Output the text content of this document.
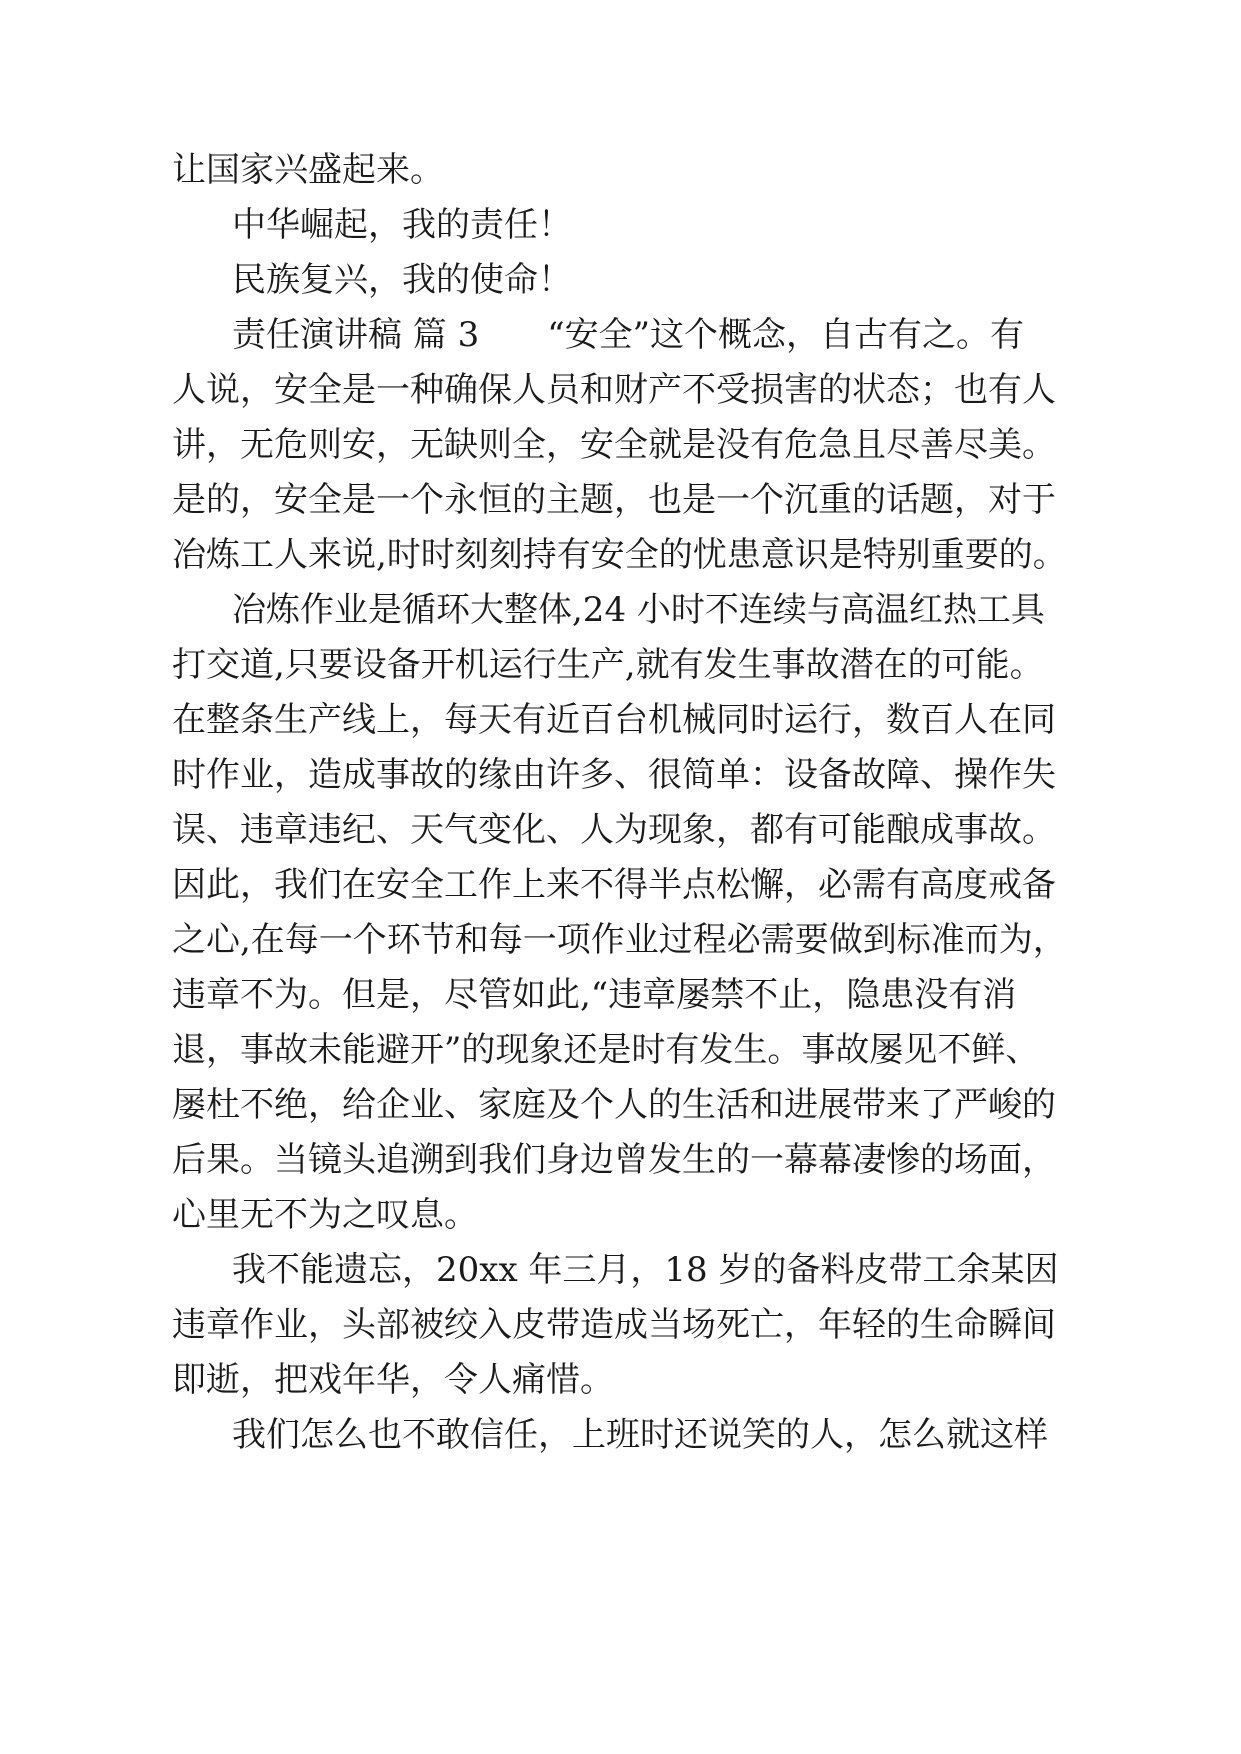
让国家兴盛起来。
中华崛起，我的责任！
民族复兴，我的使命！
责任演讲稿 篇 3　　“安全”这个概念，自古有之。有
人说，安全是一种确保人员和财产不受损害的状态；也有人
讲，无危则安，无缺则全，安全就是没有危急且尽善尽美。
是的，安全是一个永恒的主题，也是一个沉重的话题，对于
冶炼工人来说,时时刻刻持有安全的忧患意识是特别重要的。
冶炼作业是循环大整体,24 小时不连续与高温红热工具
打交道,只要设备开机运行生产,就有发生事故潜在的可能。
在整条生产线上，每天有近百台机械同时运行，数百人在同
时作业，造成事故的缘由许多、很简单：设备故障、操作失
误、违章违纪、天气变化、人为现象，都有可能酿成事故。
因此，我们在安全工作上来不得半点松懈，必需有高度戒备
之心,在每一个环节和每一项作业过程必需要做到标准而为，
违章不为。但是，尽管如此,“违章屡禁不止，隐患没有消
退，事故未能避开”的现象还是时有发生。事故屡见不鲜、
屡杜不绝，给企业、家庭及个人的生活和进展带来了严峻的
后果。当镜头追溯到我们身边曾发生的一幕幕凄惨的场面，
心里无不为之叹息。
我不能遗忘，20xx 年三月，18 岁的备料皮带工余某因
违章作业，头部被绞入皮带造成当场死亡，年轻的生命瞬间
即逝，把戏年华，令人痛惜。
我们怎么也不敢信任，上班时还说笑的人，怎么就这样
